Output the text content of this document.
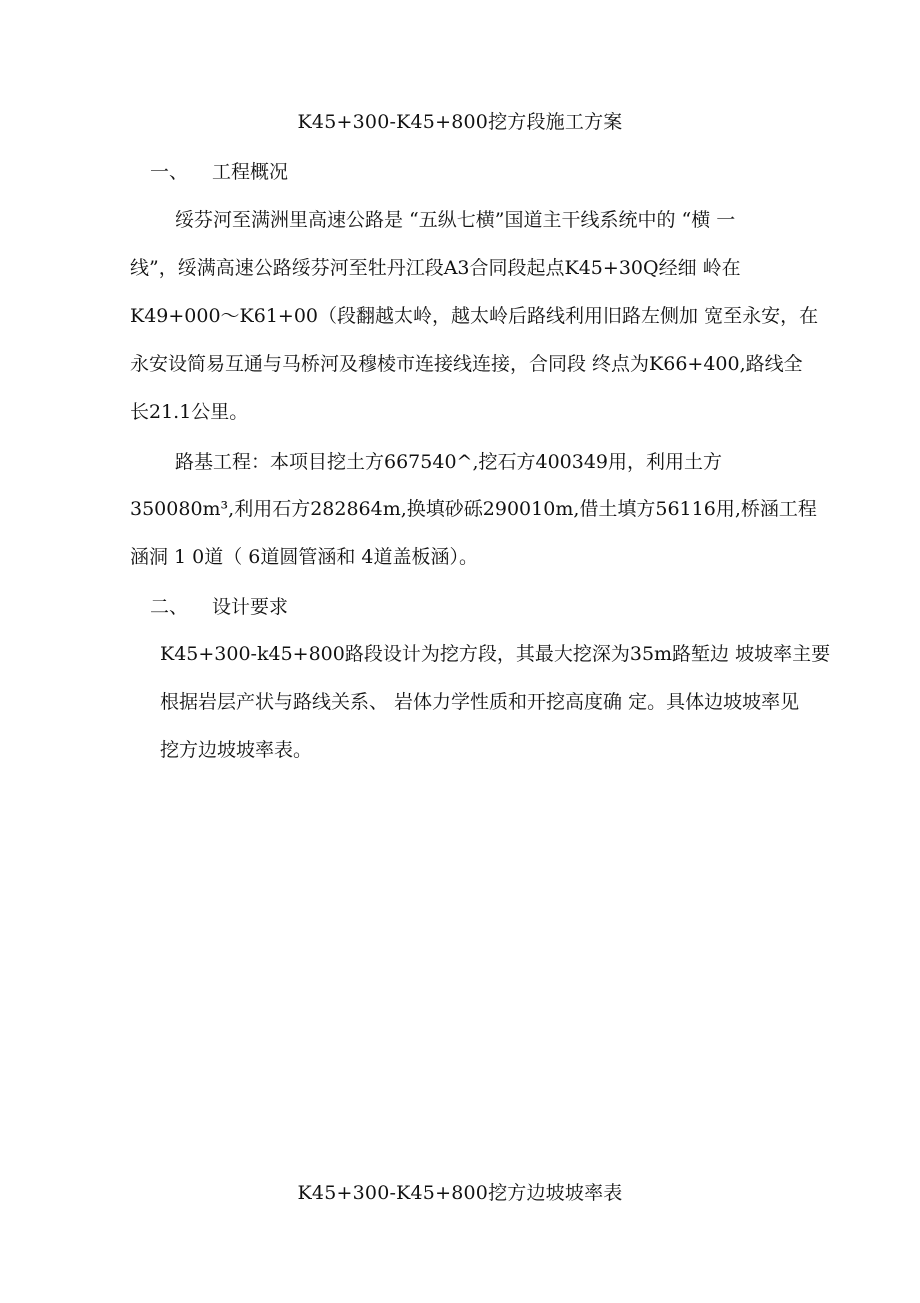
K45+300-K45+800挖方段施工方案
一、 工程概况
绥芬河至满洲里高速公路是 “五纵七横”国道主干线系统中的 “横 一
线”，绥满高速公路绥芬河至牡丹江段A3合同段起点K45+30Q经细 岭在
K49+000～K61+00（段翻越太岭，越太岭后路线利用旧路左侧加 宽至永安，在
永安设简易互通与马桥河及穆棱市连接线连接，合同段 终点为K66+400,路线全
长21.1公里。
路基工程：本项目挖土方667540^,挖石方400349用，利用土方
350080m³,利用石方282864m,换填砂砾290010m,借土填方56116用,桥涵工程
涵洞 1 0道（ 6道圆管涵和 4道盖板涵）。
二、 设计要求
K45+300-k45+800路段设计为挖方段，其最大挖深为35m路堑边 坡坡率主要
根据岩层产状与路线关系、 岩体力学性质和开挖高度确 定。具体边坡坡率见
挖方边坡坡率表。
K45+300-K45+800挖方边坡坡率表
